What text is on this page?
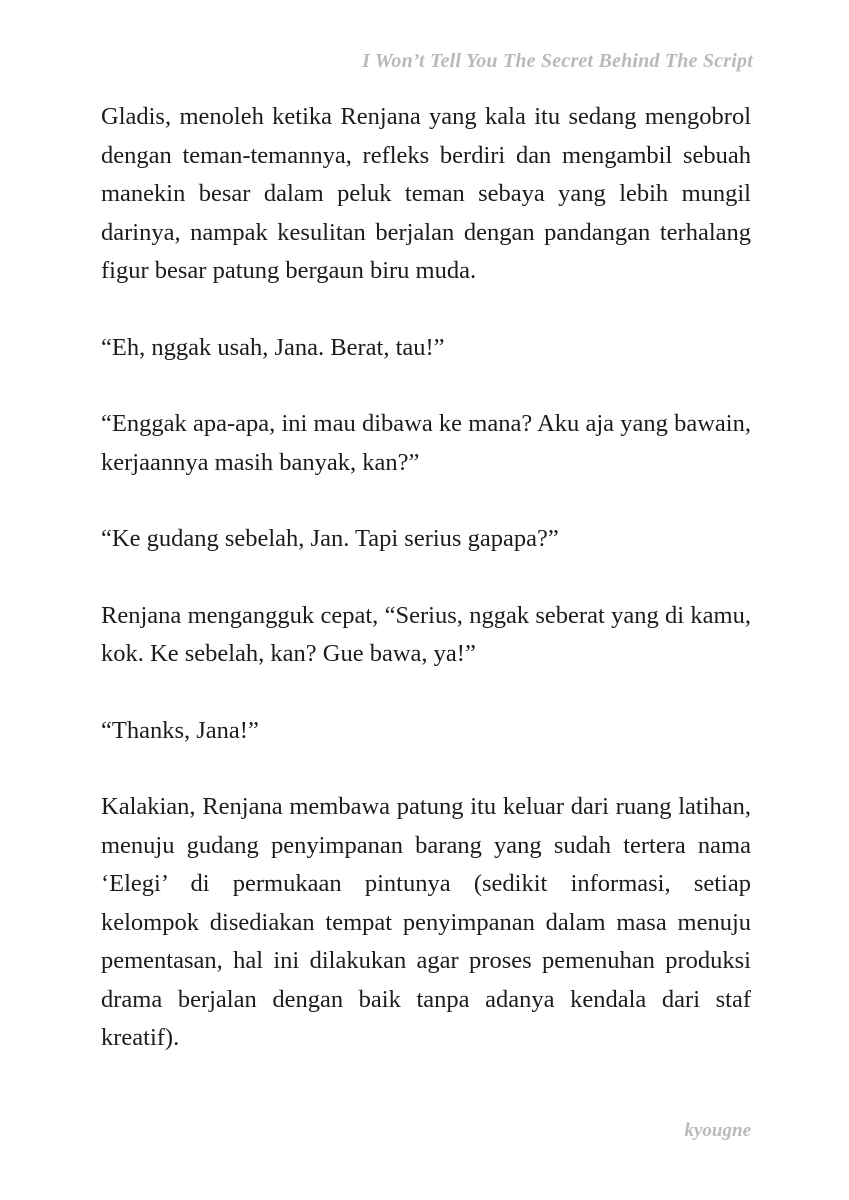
I Won’t Tell You The Secret Behind The Script

Gladis, menoleh ketika Renjana yang kala itu sedang mengobrol dengan teman-temannya, refleks berdiri dan mengambil sebuah manekin besar dalam peluk teman sebaya yang lebih mungil darinya, nampak kesulitan berjalan dengan pandangan terhalang figur besar patung bergaun biru muda.

“Eh, nggak usah, Jana. Berat, tau!”

“Enggak apa-apa, ini mau dibawa ke mana? Aku aja yang bawain, kerjaannya masih banyak, kan?”

“Ke gudang sebelah, Jan. Tapi serius gapapa?”

Renjana mengangguk cepat, “Serius, nggak seberat yang di kamu, kok. Ke sebelah, kan? Gue bawa, ya!”

“Thanks, Jana!”

Kalakian, Renjana membawa patung itu keluar dari ruang latihan, menuju gudang penyimpanan barang yang sudah tertera nama ‘Elegi’ di permukaan pintunya (sedikit informasi, setiap kelompok disediakan tempat penyimpanan dalam masa menuju pementasan, hal ini dilakukan agar proses pemenuhan produksi drama berjalan dengan baik tanpa adanya kendala dari staf kreatif).

kyougne
